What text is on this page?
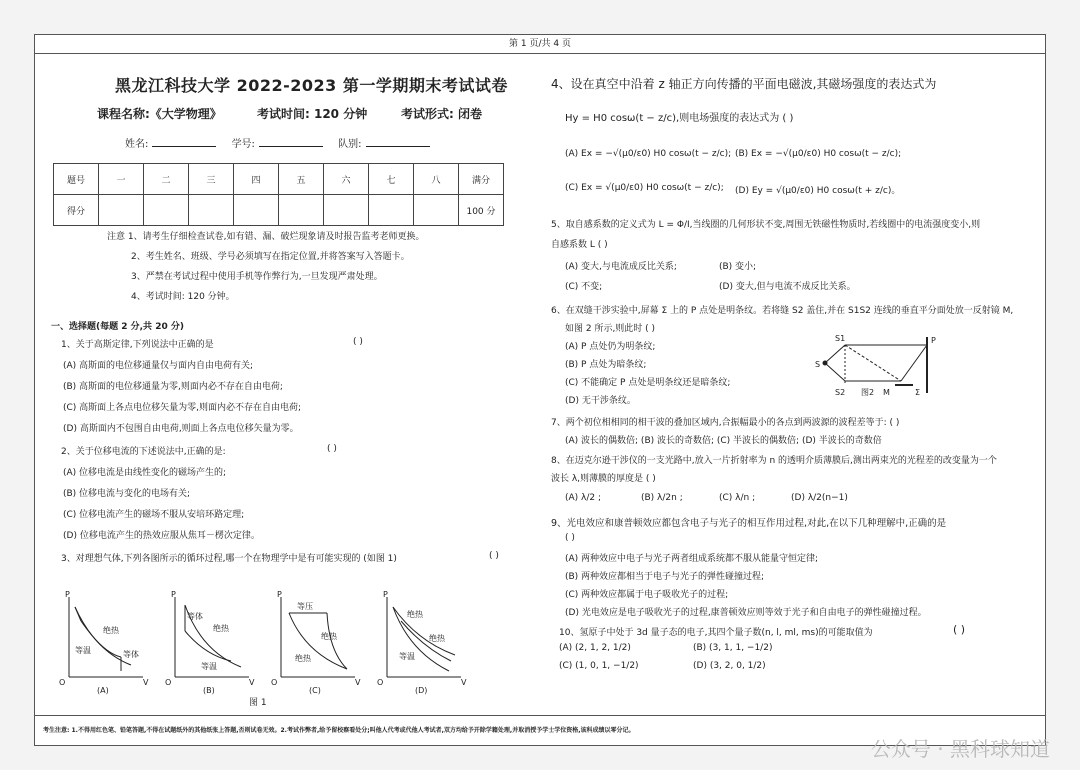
第 1 页/共 4 页
黑龙江科技大学 2022-2023 第一学期期末考试试卷
课程名称:《大学物理》	考试时间: 120 分钟	考试形式: 闭卷
姓名:	学号:	队别:
题号	一	二	三	四	五	六	七	八	满分
得分									100 分
注意 1、请考生仔细检查试卷,如有错、漏、破烂现象请及时报告监考老师更换。
2、考生姓名、班级、学号必须填写在指定位置,并将答案写入答题卡。
3、严禁在考试过程中使用手机等作弊行为,一旦发现严肃处理。
4、考试时间: 120 分钟。
一、选择题(每题 2 分,共 20 分)
1、关于高斯定律,下列说法中正确的是	( )
(A) 高斯面的电位移通量仅与面内自由电荷有关;
(B) 高斯面的电位移通量为零,则面内必不存在自由电荷;
(C) 高斯面上各点电位移矢量为零,则面内必不存在自由电荷;
(D) 高斯面内不包围自由电荷,则面上各点电位移矢量为零。
2、关于位移电流的下述说法中,正确的是:	( )
(A) 位移电流是由线性变化的磁场产生的;
(B) 位移电流与变化的电场有关;
(C) 位移电流产生的磁场不服从安培环路定理;
(D) 位移电流产生的热效应服从焦耳－楞次定律。
3、对理想气体,下列各图所示的循环过程,哪一个在物理学中是有可能实现的 (如图 1)	( )
P
V
O
绝热
等温	等体
(A)
P
V
O
等体
绝热
等温
(B)
P
V
O
等压
绝热
绝热
(C)
P
V
O
绝热
绝热
等温
(D)
图 1
4、设在真空中沿着 z 轴正方向传播的平面电磁波,其磁场强度的表达式为
Hy = H0 cosω(t − z/c),则电场强度的表达式为 ( )
(A) Ex = −√(μ0/ε0) H0 cosω(t − z/c); (B) Ex = −√(μ0/ε0) H0 cosω(t − z/c);
(C) Ex = √(μ0/ε0) H0 cosω(t − z/c); (D) Ey = √(μ0/ε0) H0 cosω(t + z/c)。
5、取自感系数的定义式为 L = Φ/I,当线圈的几何形状不变,周围无铁磁性物质时,若线圈中的电流强度变小,则
自感系数 L ( )
(A) 变大,与电流成反比关系;	(B) 变小;
(C) 不变;	(D) 变大,但与电流不成反比关系。
6、在双缝干涉实验中,屏幕 Σ 上的 P 点处是明条纹。若将缝 S2 盖住,并在 S1S2 连线的垂直平分面处放一反射镜 M,
如图 2 所示,则此时 ( )
(A) P 点处仍为明条纹;
(B) P 点处为暗条纹;
(C) 不能确定 P 点处是明条纹还是暗条纹;
(D) 无干涉条纹。
S
S1
S2
P
Σ
M
图2
7、两个初位相相同的相干波的叠加区域内,合振幅最小的各点到两波源的波程差等于: ( )
(A) 波长的偶数倍; (B) 波长的奇数倍; (C) 半波长的偶数倍; (D) 半波长的奇数倍
8、在迈克尔逊干涉仪的一支光路中,放入一片折射率为 n 的透明介质薄膜后,测出两束光的光程差的改变量为一个
波长 λ,则薄膜的厚度是 ( )
(A) λ/2 ;	(B) λ/2n ;	(C) λ/n ;	(D) λ/2(n−1)
9、光电效应和康普顿效应都包含电子与光子的相互作用过程,对此,在以下几种理解中,正确的是
( )
(A) 两种效应中电子与光子两者组成系统都不服从能量守恒定律;
(B) 两种效应都相当于电子与光子的弹性碰撞过程;
(C) 两种效应都属于电子吸收光子的过程;
(D) 光电效应是电子吸收光子的过程,康普顿效应则等效于光子和自由电子的弹性碰撞过程。
10、氢原子中处于 3d 量子态的电子,其四个量子数(n, l, ml, ms)的可能取值为	( )
(A) (2, 1, 2, 1/2)	(B) (3, 1, 1, −1/2)
(C) (1, 0, 1, −1/2)	(D) (3, 2, 0, 1/2)
考生注意: 1.不得用红色笔、铅笔答题,不得在试题纸外的其他纸张上答题,否则试卷无效。2.考试作弊者,给予留校察看处分;叫他人代考或代他人考试者,双方均给予开除学籍处理,并取消授予学士学位资格,该科成绩以零分记。
公众号 · 黑科球知道
